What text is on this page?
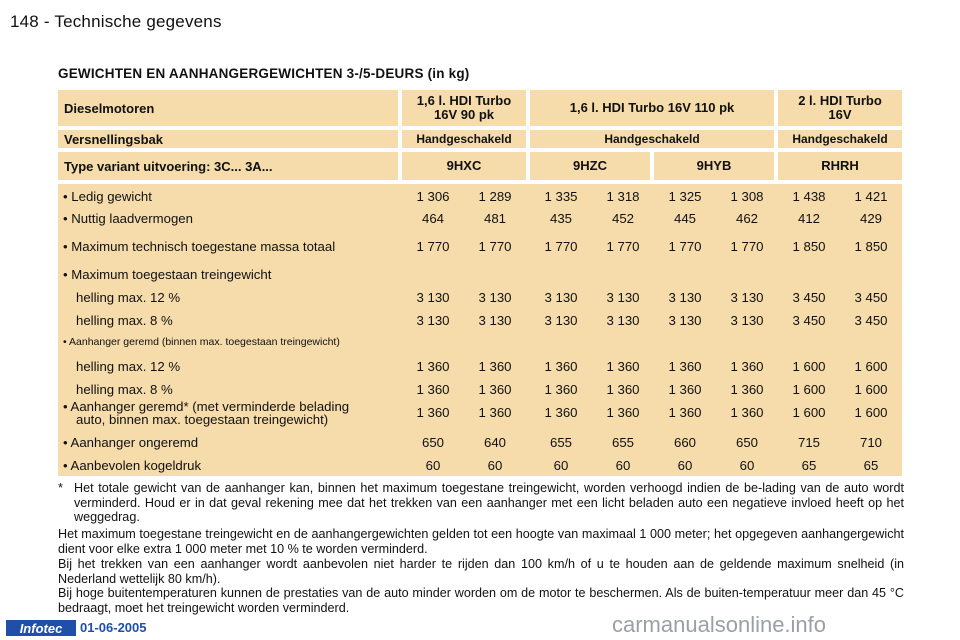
148 - Technische gegevens
GEWICHTEN EN AANHANGERGEWICHTEN 3-/5-DEURS (in kg)
Dieselmotoren	1,6 l. HDI Turbo 16V 90 pk	1,6 l. HDI Turbo 16V 110 pk	2 l. HDI Turbo 16V
Versnellingsbak	Handgeschakeld	Handgeschakeld	Handgeschakeld
Type variant uitvoering: 3C... 3A...	9HXC	9HZC	9HYB	RHRH
• Ledig gewicht	1 306	1 289	1 335	1 318	1 325	1 308	1 438	1 421
• Nuttig laadvermogen	464	481	435	452	445	462	412	429
• Maximum technisch toegestane massa totaal	1 770	1 770	1 770	1 770	1 770	1 770	1 850	1 850
• Maximum toegestaan treingewicht
helling max. 12 %	3 130	3 130	3 130	3 130	3 130	3 130	3 450	3 450
helling max. 8 %	3 130	3 130	3 130	3 130	3 130	3 130	3 450	3 450
• Aanhanger geremd (binnen max. toegestaan treingewicht)
helling max. 12 %	1 360	1 360	1 360	1 360	1 360	1 360	1 600	1 600
helling max. 8 %	1 360	1 360	1 360	1 360	1 360	1 360	1 600	1 600
• Aanhanger geremd* (met verminderde belading
auto, binnen max. toegestaan treingewicht)	1 360	1 360	1 360	1 360	1 360	1 360	1 600	1 600
• Aanhanger ongeremd	650	640	655	655	660	650	715	710
• Aanbevolen kogeldruk	60	60	60	60	60	60	65	65
* Het totale gewicht van de aanhanger kan, binnen het maximum toegestane treingewicht, worden verhoogd indien de be-lading van de auto wordt verminderd. Houd er in dat geval rekening mee dat het trekken van een aanhanger met een licht beladen auto een negatieve invloed heeft op het weggedrag.
Het maximum toegestane treingewicht en de aanhangergewichten gelden tot een hoogte van maximaal 1 000 meter; het opgegeven aanhangergewicht dient voor elke extra 1 000 meter met 10 % te worden verminderd.
Bij het trekken van een aanhanger wordt aanbevolen niet harder te rijden dan 100 km/h of u te houden aan de geldende maximum snelheid (in Nederland wettelijk 80 km/h).
Bij hoge buitentemperaturen kunnen de prestaties van de auto minder worden om de motor te beschermen. Als de buiten-temperatuur meer dan 45 °C bedraagt, moet het treingewicht worden verminderd.
Infotec	01-06-2005	carmanualsonline.info
